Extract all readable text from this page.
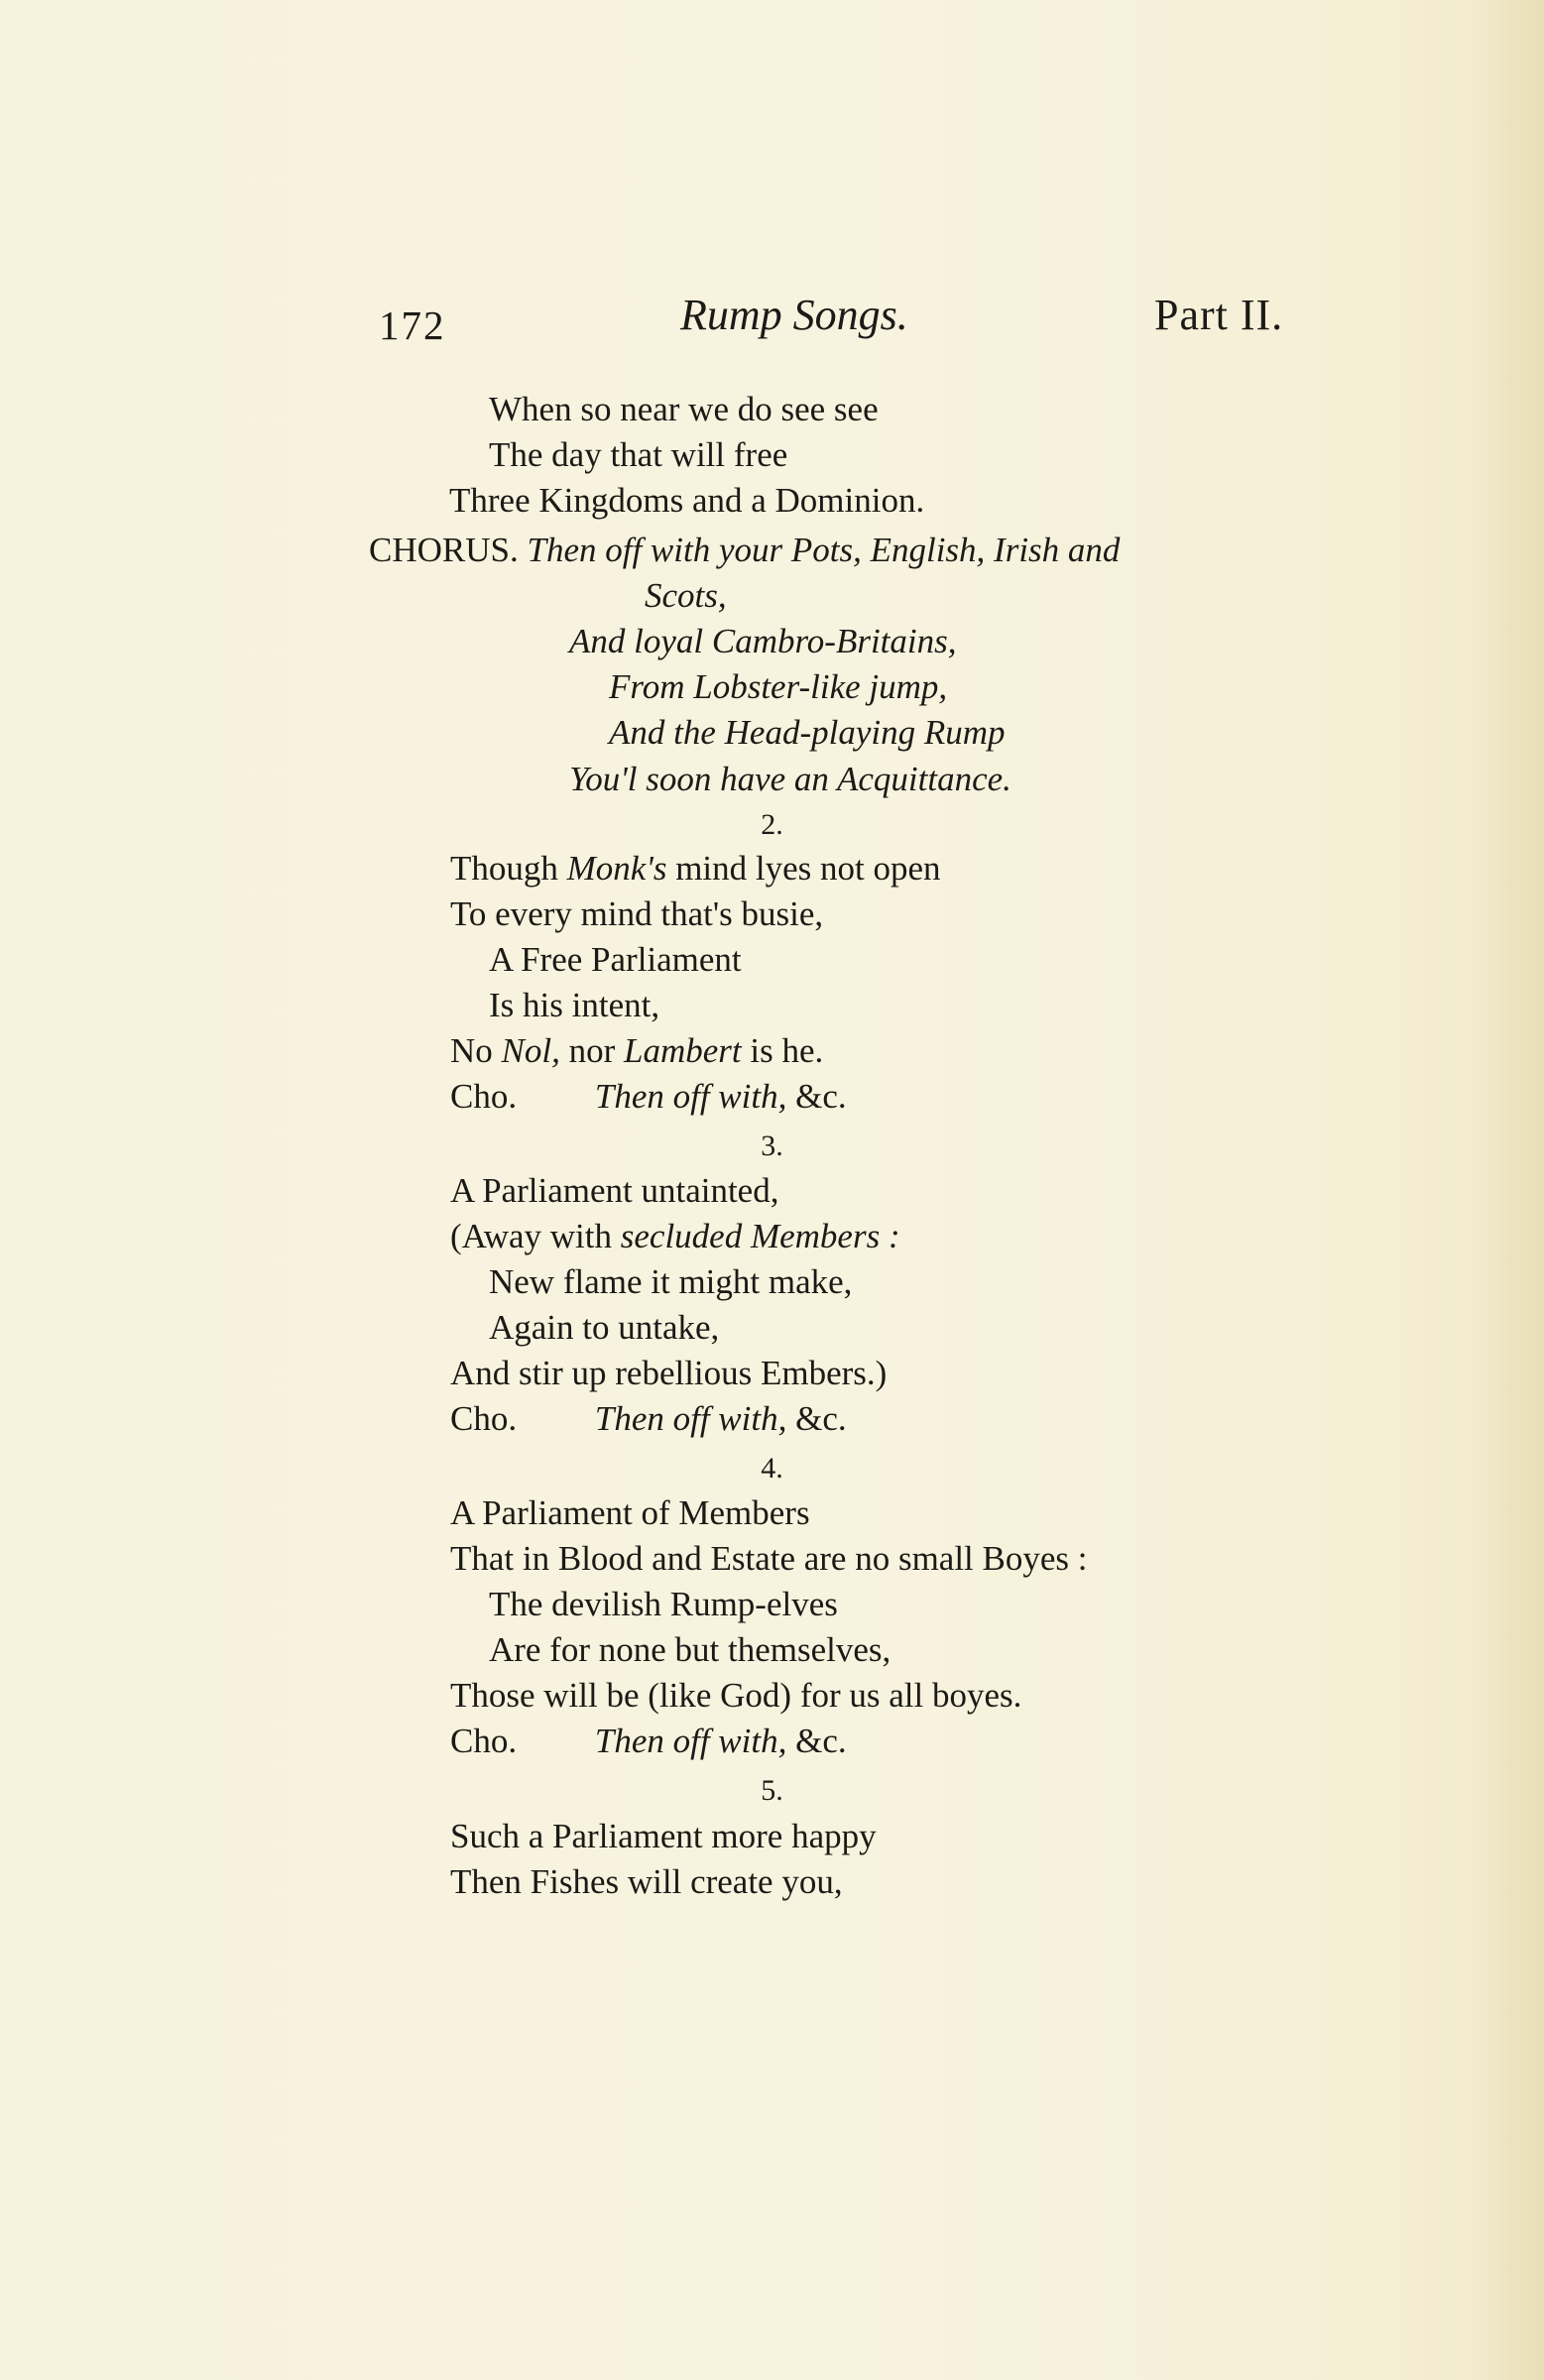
172	Rump Songs.	Part II.
When so near we do see see
The day that will free
Three Kingdoms and a Dominion.
CHORUS. Then off with your Pots, English, Irish and
Scots,
And loyal Cambro-Britains,
From Lobster-like jump,
And the Head-playing Rump
You'l soon have an Acquittance.
2.
Though Monk's mind lyes not open
To every mind that's busie,
A Free Parliament
Is his intent,
No Nol, nor Lambert is he.
Cho. Then off with, &c.
3.
A Parliament untainted,
(Away with secluded Members :
New flame it might make,
Again to untake,
And stir up rebellious Embers.)
Cho. Then off with, &c.
4.
A Parliament of Members
That in Blood and Estate are no small Boyes :
The devilish Rump-elves
Are for none but themselves,
Those will be (like God) for us all boyes.
Cho. Then off with, &c.
5.
Such a Parliament more happy
Then Fishes will create you,
